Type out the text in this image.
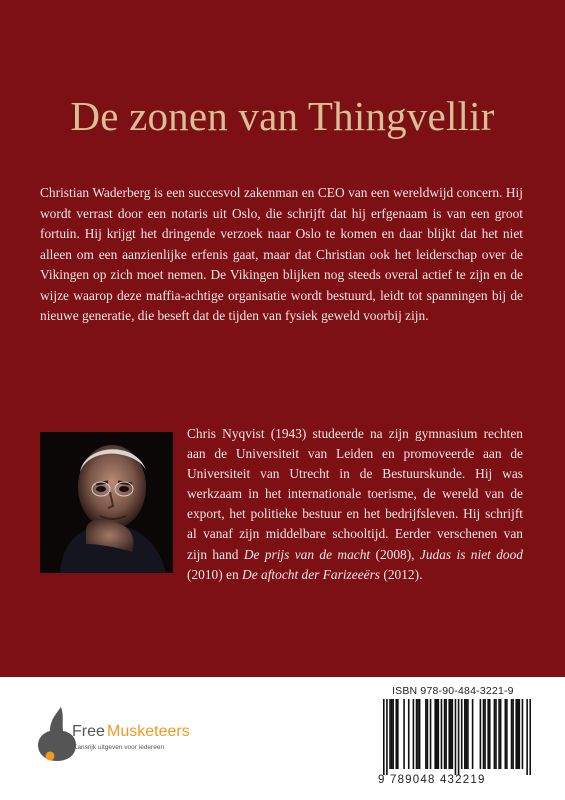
De zonen van Thingvellir

Christian Waderberg is een succesvol zakenman en CEO van een wereldwijd concern. Hij wordt verrast door een notaris uit Oslo, die schrijft dat hij erfgenaam is van een groot fortuin. Hij krijgt het dringende verzoek naar Oslo te komen en daar blijkt dat het niet alleen om een aanzienlijke erfenis gaat, maar dat Christian ook het leiderschap over de Vikingen op zich moet nemen. De Vikingen blijken nog steeds overal actief te zijn en de wijze waarop deze maffia-achtige organisatie wordt bestuurd, leidt tot spanningen bij de nieuwe generatie, die beseft dat de tijden van fysiek geweld voorbij zijn.

Chris Nyqvist (1943) studeerde na zijn gymnasium rechten aan de Universiteit van Leiden en promoveerde aan de Universiteit van Utrecht in de Bestuurskunde. Hij was werkzaam in het internationale toerisme, de wereld van de export, het politieke bestuur en het bedrijfsleven. Hij schrijft al vanaf zijn middelbare schooltijd. Eerder verschenen van zijn hand De prijs van de macht (2008), Judas is niet dood (2010) en De aftocht der Farizeeërs (2012).

Free Musketeers
Kansrijk uitgeven voor iedereen
ISBN 978-90-484-3221-9
9 789048 432219
